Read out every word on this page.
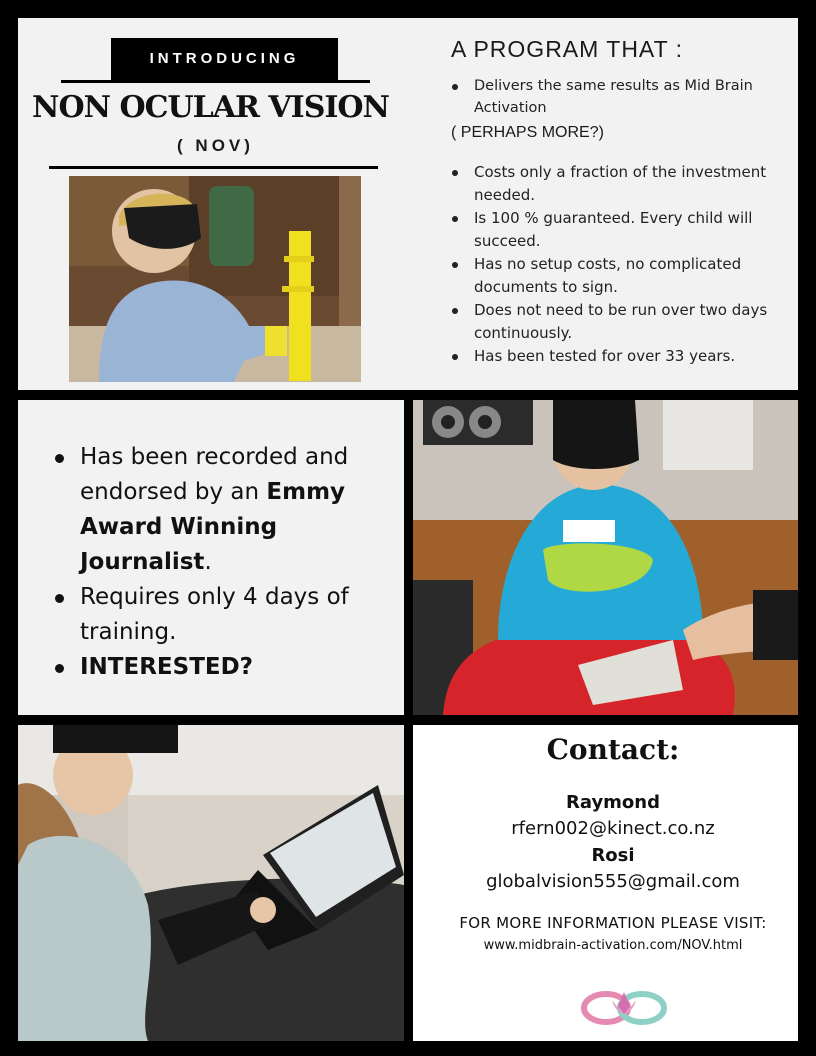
INTRODUCING
NON OCULAR VISION
( NOV)
A PROGRAM THAT :
Delivers the same results as Mid Brain Activation
( PERHAPS MORE?)
Costs only a fraction of the investment needed.
Is 100 % guaranteed. Every child will succeed.
Has no setup costs, no complicated documents to sign.
Does not need to be run over two days continuously.
Has been tested for over 33 years.
Has been recorded and endorsed by an Emmy Award Winning Journalist.
Requires only 4 days of training.
INTERESTED?
Contact:
Raymond
rfern002@kinect.co.nz
Rosi
globalvision555@gmail.com
FOR MORE INFORMATION PLEASE VISIT:
www.midbrain-activation.com/NOV.html
